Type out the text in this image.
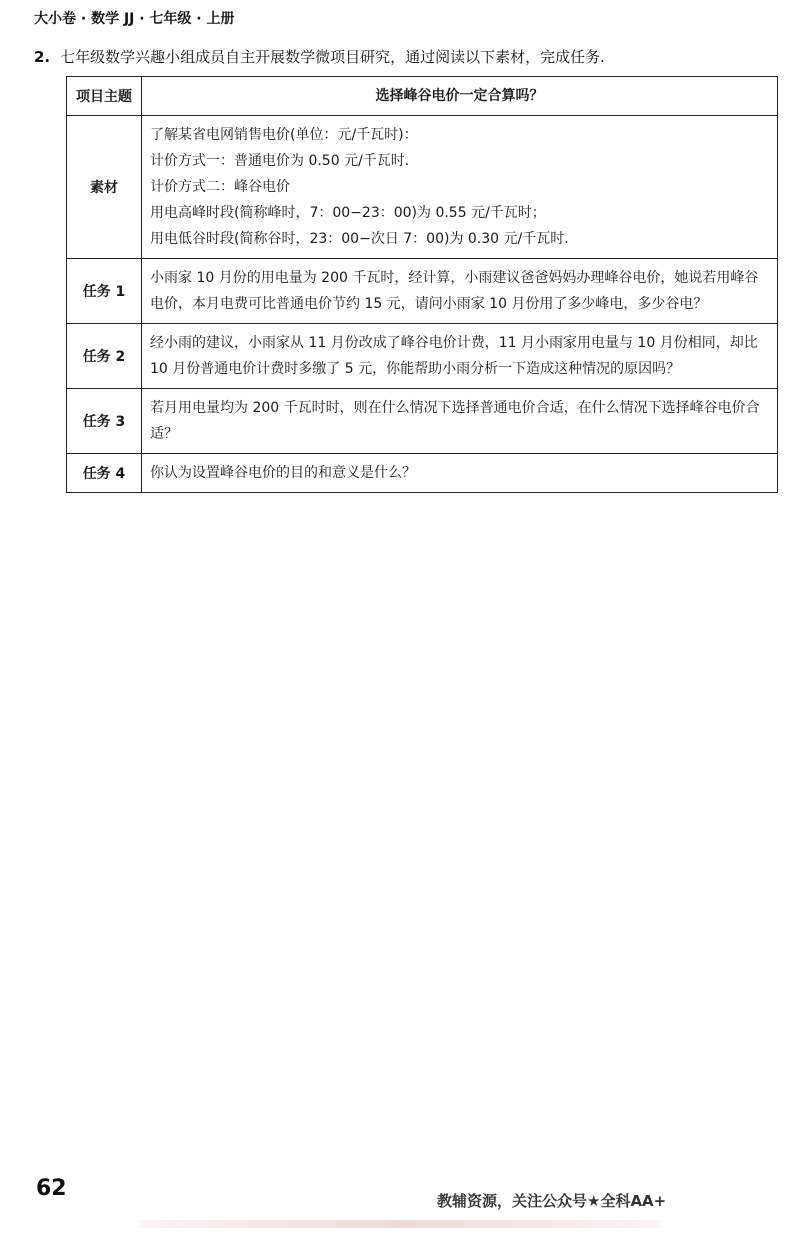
大小卷 · 数学 JJ · 七年级 · 上册
2. 七年级数学兴趣小组成员自主开展数学微项目研究，通过阅读以下素材，完成任务.
项目主题	选择峰谷电价一定合算吗？
素材	了解某省电网销售电价(单位：元/千瓦时)：
计价方式一：普通电价为 0.50 元/千瓦时.
计价方式二：峰谷电价
用电高峰时段(简称峰时，7：00−23：00)为 0.55 元/千瓦时；
用电低谷时段(简称谷时，23：00−次日 7：00)为 0.30 元/千瓦时.

任务 1	小雨家 10 月份的用电量为 200 千瓦时，经计算，小雨建议爸爸妈妈办理峰谷电价，她说若用峰谷电价，本月电费可比普通电价节约 15 元，请问小雨家 10 月份用了多少峰电，多少谷电？
任务 2	经小雨的建议，小雨家从 11 月份改成了峰谷电价计费，11 月小雨家用电量与 10 月份相同，却比 10 月份普通电价计费时多缴了 5 元，你能帮助小雨分析一下造成这种情况的原因吗？
任务 3	若月用电量均为 200 千瓦时时，则在什么情况下选择普通电价合适，在什么情况下选择峰谷电价合适？
任务 4	你认为设置峰谷电价的目的和意义是什么？
62	教辅资源，关注公众号★全科AA+
